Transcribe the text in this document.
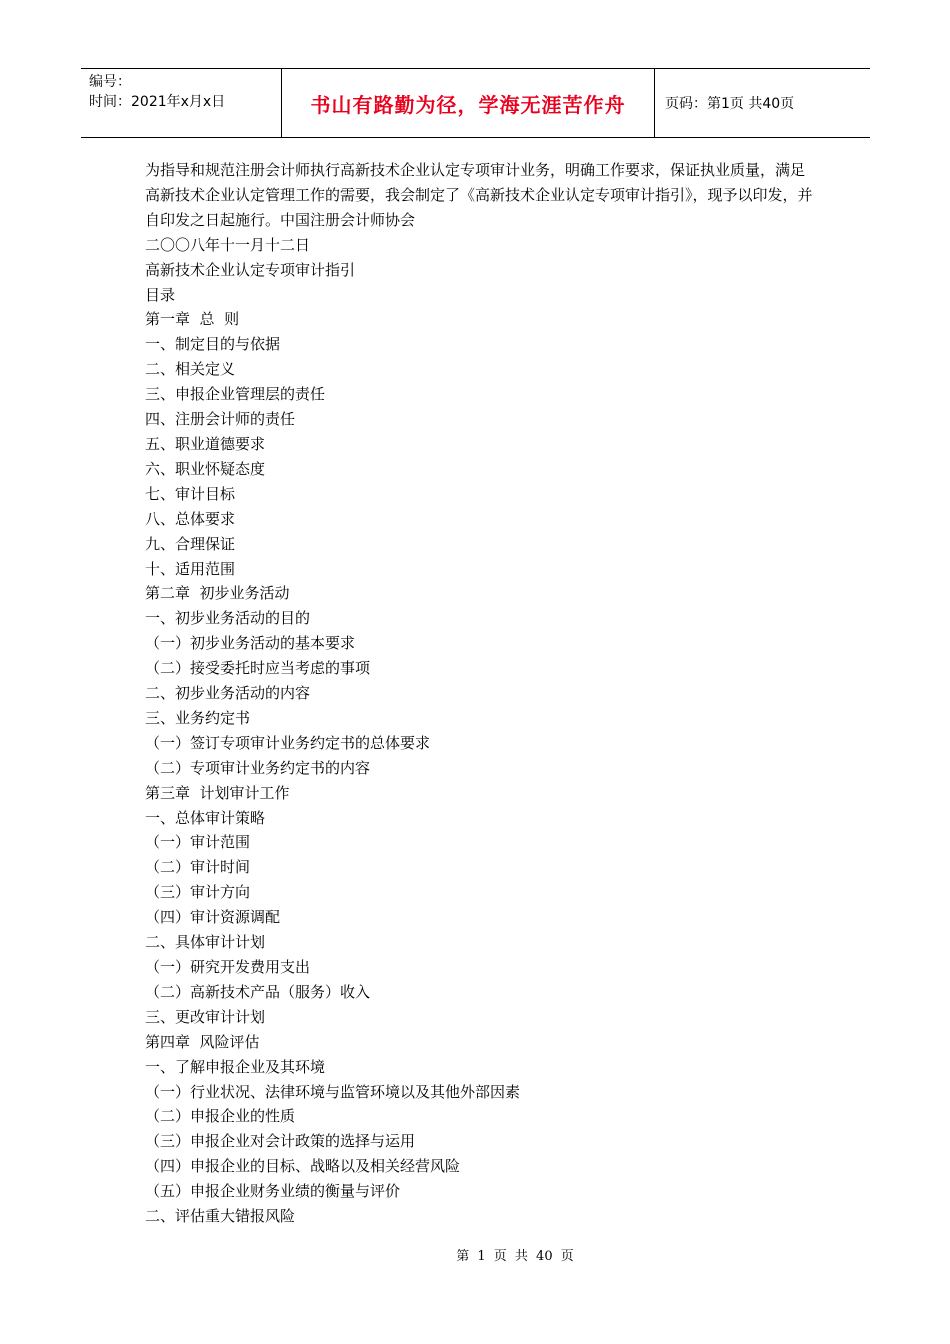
编号：
时间：2021年x月x日	书山有路勤为径，学海无涯苦作舟	页码：第1页 共40页

为指导和规范注册会计师执行高新技术企业认定专项审计业务，明确工作要求，保证执业质量，满足高新技术企业认定管理工作的需要，我会制定了《高新技术企业认定专项审计指引》，现予以印发，并自印发之日起施行。中国注册会计师协会

二〇〇八年十一月十二日

高新技术企业认定专项审计指引

目录

第一章  总  则

一、制定目的与依据

二、相关定义

三、申报企业管理层的责任

四、注册会计师的责任

五、职业道德要求

六、职业怀疑态度

七、审计目标

八、总体要求

九、合理保证

十、适用范围

第二章  初步业务活动

一、初步业务活动的目的

（一）初步业务活动的基本要求

（二）接受委托时应当考虑的事项

二、初步业务活动的内容

三、业务约定书

（一）签订专项审计业务约定书的总体要求

（二）专项审计业务约定书的内容

第三章  计划审计工作

一、总体审计策略

（一）审计范围

（二）审计时间

（三）审计方向

（四）审计资源调配

二、具体审计计划

（一）研究开发费用支出

（二）高新技术产品（服务）收入

三、更改审计计划

第四章  风险评估

一、了解申报企业及其环境

（一）行业状况、法律环境与监管环境以及其他外部因素

（二）申报企业的性质

（三）申报企业对会计政策的选择与运用

（四）申报企业的目标、战略以及相关经营风险

（五）申报企业财务业绩的衡量与评价

二、评估重大错报风险

第 1 页 共 40 页
